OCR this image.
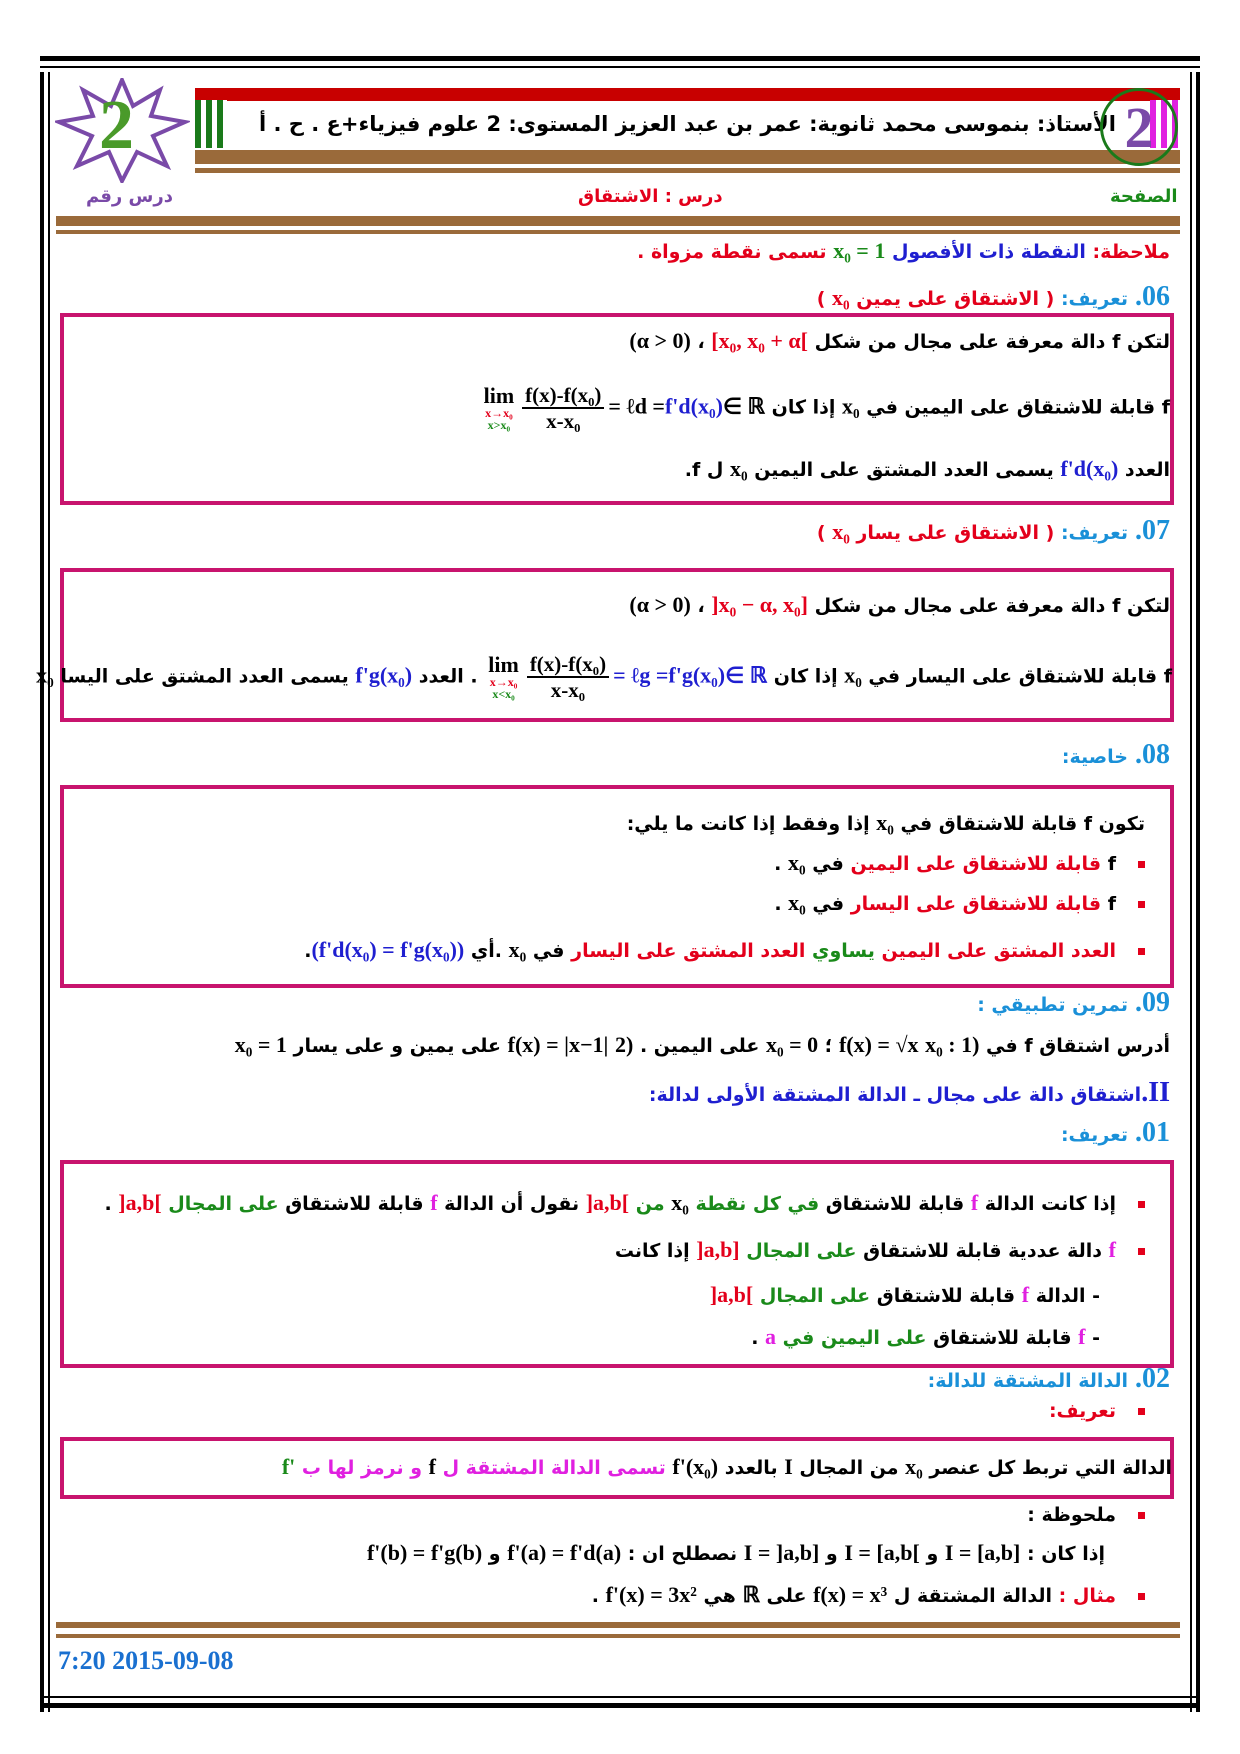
الأستاذ: بنموسى محمد ثانوية: عمر بن عبد العزيز المستوى: 2 علوم فيزياء+ع . ح . أ 2
2
الصفحة
درس : الاشتقاق
درس رقم
ملاحظة: النقطة ذات الأفصول x₀ = 1 تسمى نقطة مزواة .
06. تعريف: ( الاشتقاق على يمين x₀ )
لتكن f دالة معرفة على مجال من شكل [x₀, x₀ + α[ ، (α > 0)
f قابلة للاشتقاق على اليمين في x₀ إذا كان ∈ ℝf'd(x₀)= ℓd =
$\frac{\text{f(x)-f(x₀)}}{\text{x-x₀}}$
lim
x→x₀
x>x₀
العدد f'd(x₀) يسمى العدد المشتق على اليمين x₀ ل f.
07. تعريف: ( الاشتقاق على يسار x₀ )
لتكن f دالة معرفة على مجال من شكل ]x₀ − α, x₀] ، (α > 0)
f قابلة للاشتقاق على اليسار في x₀ إذا كان ∈ ℝf'g(x₀)= ℓg =
$\frac{\text{f(x)-f(x₀)}}{\text{x-x₀}}$
lim
x→x₀
x<x₀
. العدد f'g(x₀) يسمى العدد المشتق على اليسا x₀
08. خاصية:
تكون f قابلة للاشتقاق في x₀ إذا وفقط إذا كانت ما يلي:
f قابلة للاشتقاق على اليمين في x₀ .
f قابلة للاشتقاق على اليسار في x₀ .
العدد المشتق على اليمين يساوي العدد المشتق على اليسار في x₀ .أي (f'd(x₀) = f'g(x₀)).
09. تمرين تطبيقي :
أدرس اشتقاق f في x₀ : 1) f(x) = √x ؛ x₀ = 0 على اليمين . 2) f(x) = |x−1| على يمين و على يسار x₀ = 1
II.اشتقاق دالة على مجال ـ الدالة المشتقة الأولى لدالة:
01. تعريف:
إذا كانت الدالة f قابلة للاشتقاق في كل نقطة x₀ من ]a,b[ نقول أن الدالة f قابلة للاشتقاق على المجال ]a,b[ .
f دالة عددية قابلة للاشتقاق على المجال ]a,b] إذا كانت
- الدالة f قابلة للاشتقاق على المجال ]a,b[
- f قابلة للاشتقاق على اليمين في a .
02. الدالة المشتقة للدالة:
تعريف:
الدالة التي تربط كل عنصر x₀ من المجال I بالعدد f'(x₀) تسمى الدالة المشتقة ل f و نرمز لها ب f'
ملحوظة :
إذا كان : I = [a,b] و I = [a,b[ و I = ]a,b] نصطلح ان : f'(a) = f'd(a) و f'(b) = f'g(b)
مثال : الدالة المشتقة ل f(x) = x³ على ℝ هي f'(x) = 3x² .
7:20 2015-09-08
